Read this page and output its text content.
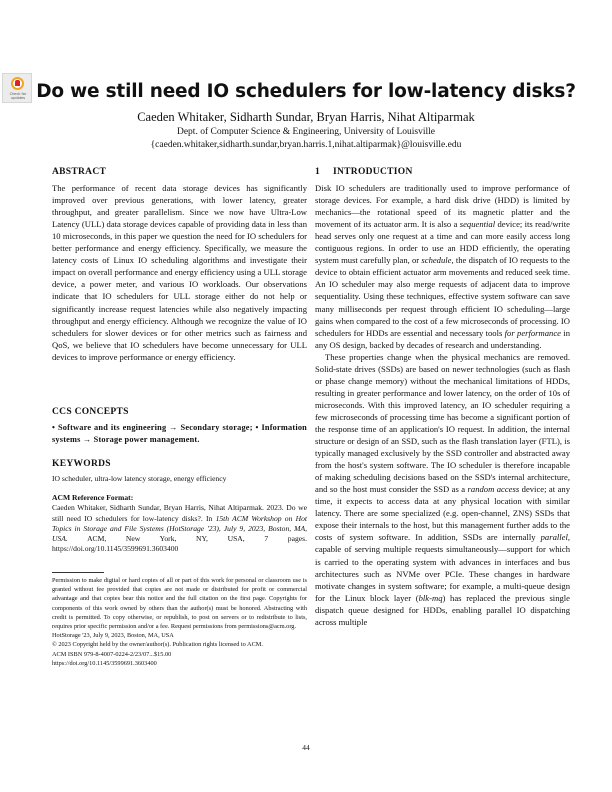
Check for updates Do we still need IO schedulers for low-latency disks?
Caeden Whitaker, Sidharth Sundar, Bryan Harris, Nihat Altiparmak
Dept. of Computer Science & Engineering, University of Louisville
{caeden.whitaker,sidharth.sundar,bryan.harris.1,nihat.altiparmak}@louisville.edu
ABSTRACT

The performance of recent data storage devices has significantly improved over previous generations, with lower latency, greater throughput, and greater parallelism. Since we now have Ultra-Low Latency (ULL) data storage devices capable of providing data in less than 10 microseconds, in this paper we question the need for IO schedulers for better performance and energy efficiency. Specifically, we measure the latency costs of Linux IO scheduling algorithms and investigate their impact on overall performance and energy efficiency using a ULL storage device, a power meter, and various IO workloads. Our observations indicate that IO schedulers for ULL storage either do not help or significantly increase request latencies while also negatively impacting throughput and energy efficiency. Although we recognize the value of IO schedulers for slower devices or for other metrics such as fairness and QoS, we believe that IO schedulers have become unnecessary for ULL devices to improve performance or energy efficiency.

CCS CONCEPTS

• Software and its engineering → Secondary storage; • Information systems → Storage power management.

KEYWORDS

IO scheduler, ultra-low latency storage, energy efficiency

ACM Reference Format:

Caeden Whitaker, Sidharth Sundar, Bryan Harris, Nihat Altiparmak. 2023. Do we still need IO schedulers for low-latency disks?. In 15th ACM Workshop on Hot Topics in Storage and File Systems (HotStorage '23), July 9, 2023, Boston, MA, USA.	ACM, New York, NY, USA, 7 pages. https://doi.org/10.1145/3599691.3603400

Permission to make digital or hard copies of all or part of this work for personal or classroom use is granted without fee provided that copies are not made or distributed for profit or commercial advantage and that copies bear this notice and the full citation on the first page. Copyrights for components of this work owned by others than the author(s) must be honored. Abstracting with credit is permitted. To copy otherwise, or republish, to post on servers or to redistribute to lists, requires prior specific permission and/or a fee. Request permissions from permissions@acm.org.

HotStorage '23, July 9, 2023, Boston, MA, USA
© 2023 Copyright held by the owner/author(s). Publication rights licensed to ACM.
ACM ISBN 979-8-4007-0224-2/23/07...$15.00
https://doi.org/10.1145/3599691.3603400
1 INTRODUCTION

Disk IO schedulers are traditionally used to improve performance of storage devices. For example, a hard disk drive (HDD) is limited by mechanics—the rotational speed of its magnetic platter and the movement of its actuator arm. It is also a sequential device; its read/write head serves only one request at a time and can more easily access long contiguous regions. In order to use an HDD efficiently, the operating system must carefully plan, or schedule, the dispatch of IO requests to the device to obtain efficient actuator arm movements and reduced seek time. An IO scheduler may also merge requests of adjacent data to improve sequentiality. Using these techniques, effective system software can save many milliseconds per request through efficient IO scheduling—large gains when compared to the cost of a few microseconds of processing. IO schedulers for HDDs are essential and necessary tools for performance in any OS design, backed by decades of research and understanding.

These properties change when the physical mechanics are removed. Solid-state drives (SSDs) are based on newer technologies (such as flash or phase change memory) without the mechanical limitations of HDDs, resulting in greater performance and lower latency, on the order of 10s of microseconds. With this improved latency, an IO scheduler requiring a few microseconds of processing time has become a significant portion of the response time of an application's IO request. In addition, the internal structure or design of an SSD, such as the flash translation layer (FTL), is typically managed exclusively by the SSD controller and abstracted away from the host's system software. The IO scheduler is therefore incapable of making scheduling decisions based on the SSD's internal architecture, and so the host must consider the SSD as a random access device; at any time, it expects to access data at any physical location with similar latency. There are some specialized (e.g. open-channel, ZNS) SSDs that expose their internals to the host, but this management further adds to the costs of system software. In addition, SSDs are internally parallel, capable of serving multiple requests simultaneously—support for which is carried to the operating system with advances in interfaces and bus architectures such as NVMe over PCIe. These changes in hardware motivate changes in system software; for example, a multi-queue design for the Linux block layer (blk-mq) has replaced the previous single dispatch queue designed for HDDs, enabling parallel IO dispatching across multiple

44
